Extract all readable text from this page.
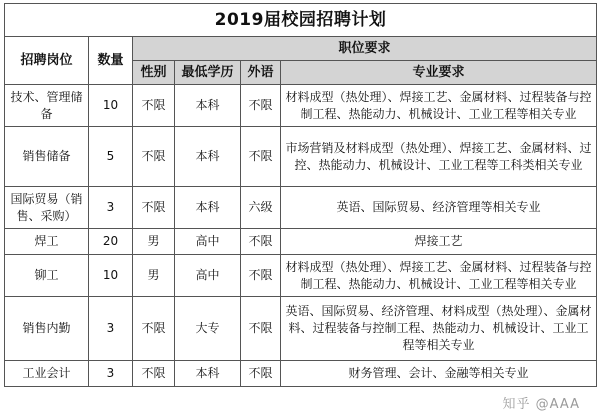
2019届校园招聘计划					
招聘岗位	数量	职位要求			
		性别	最低学历	外语	专业要求
技术、管理储备	10	不限	本科	不限	材料成型（热处理）、焊接工艺、金属材料、过程装备与控制工程、热能动力、机械设计、工业工程等相关专业
销售储备	5	不限	本科	不限	市场营销及材料成型（热处理）、焊接工艺、金属材料、过控、热能动力、机械设计、工业工程等工科类相关专业
国际贸易（销售、采购）	3	不限	本科	六级	英语、国际贸易、经济管理等相关专业
焊工	20	男	高中	不限	焊接工艺
铆工	10	男	高中	不限	材料成型（热处理）、焊接工艺、金属材料、过程装备与控制工程、热能动力、机械设计、工业工程等相关专业
销售内勤	3	不限	大专	不限	英语、国际贸易、经济管理、材料成型（热处理）、金属材料、过程装备与控制工程、热能动力、机械设计、工业工程等相关专业
工业会计	3	不限	本科	不限	财务管理、会计、金融等相关专业
知乎 @AAA
